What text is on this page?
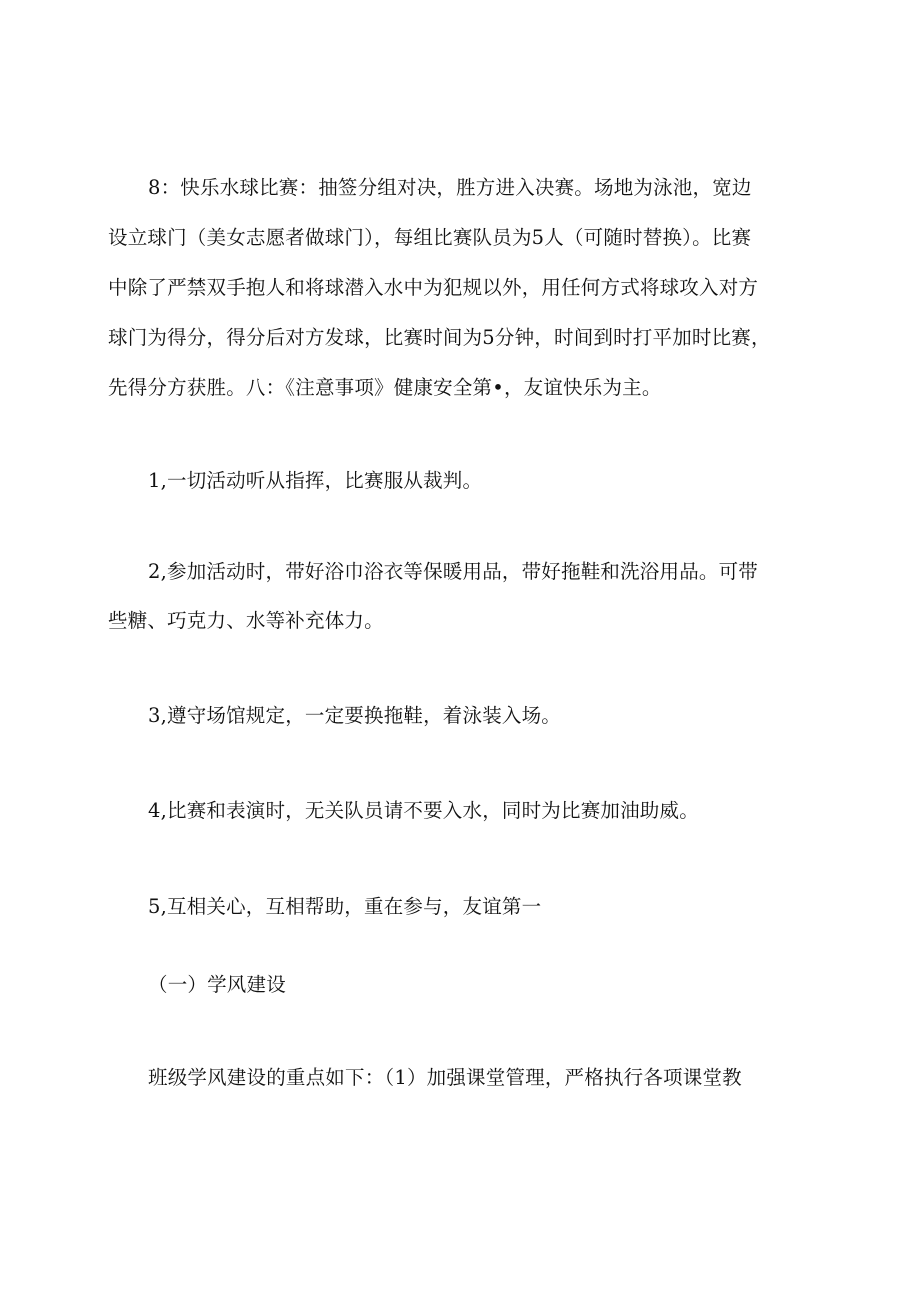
8：快乐水球比赛：抽签分组对决，胜方进入决赛。场地为泳池，宽边
设立球门（美女志愿者做球门），每组比赛队员为5人（可随时替换）。比赛
中除了严禁双手抱人和将球潜入水中为犯规以外，用任何方式将球攻入对方
球门为得分，得分后对方发球，比赛时间为5分钟，时间到时打平加时比赛，
先得分方获胜。八：《注意事项》健康安全第•，友谊快乐为主。
1,一切活动听从指挥，比赛服从裁判。
2,参加活动时，带好浴巾浴衣等保暖用品，带好拖鞋和洗浴用品。可带
些糖、巧克力、水等补充体力。
3,遵守场馆规定，一定要换拖鞋，着泳装入场。
4,比赛和表演时，无关队员请不要入水，同时为比赛加油助威。
5,互相关心，互相帮助，重在参与，友谊第一
（一）学风建设
班级学风建设的重点如下：（1）加强课堂管理，严格执行各项课堂教
